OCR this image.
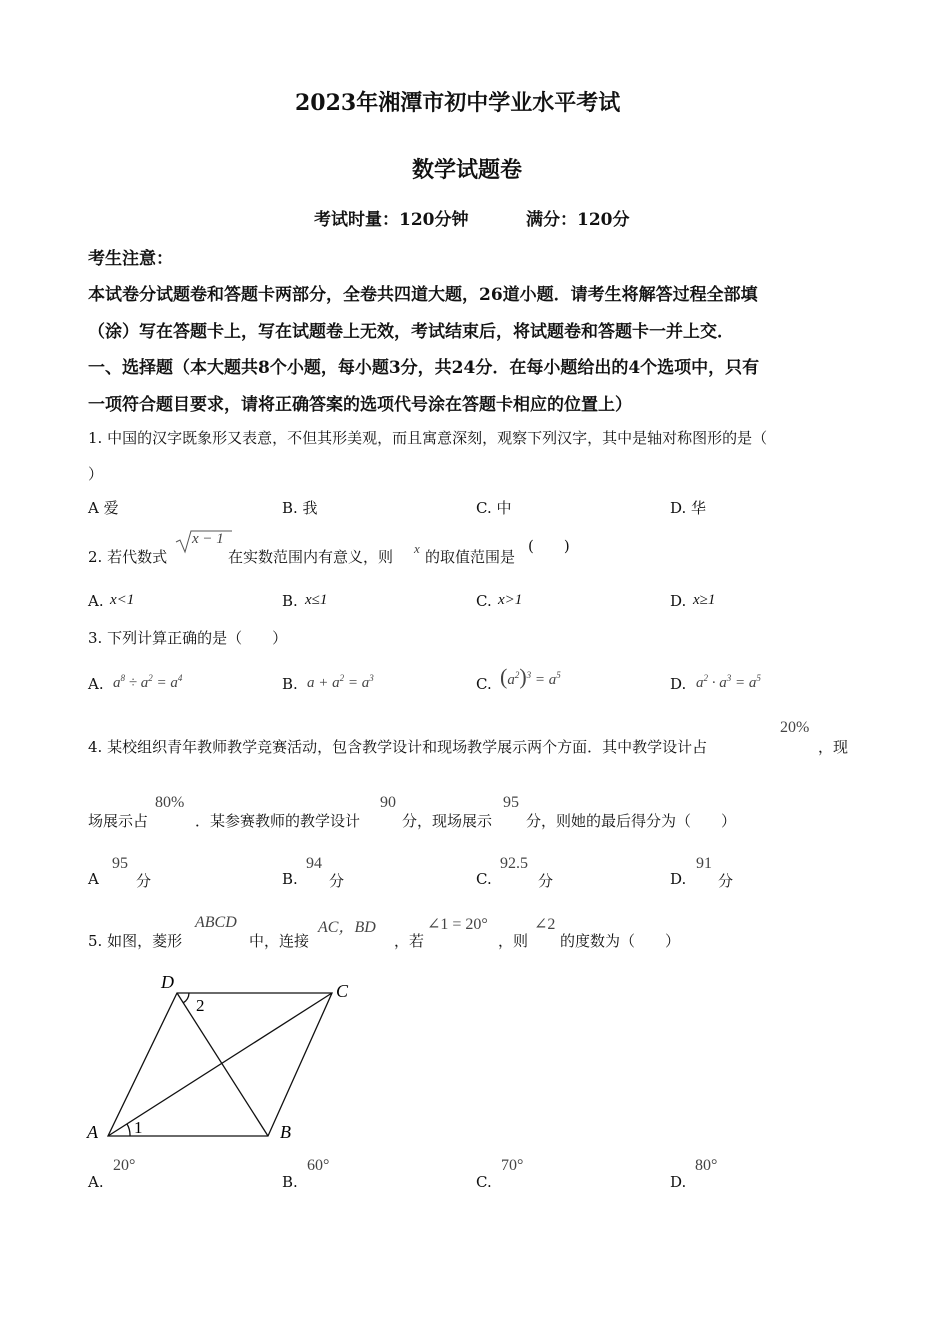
2023年湘潭市初中学业水平考试
数学试题卷
考试时量：120分钟	满分：120分
考生注意：
本试卷分试题卷和答题卡两部分，全卷共四道大题，26道小题．请考生将解答过程全部填
（涂）写在答题卡上，写在试题卷上无效，考试结束后，将试题卷和答题卡一并上交．
一、选择题（本大题共8个小题，每小题3分，共24分．在每小题给出的4个选项中，只有
一项符合题目要求，请将正确答案的选项代号涂在答题卡相应的位置上）
1. 中国的汉字既象形又表意，不但其形美观，而且寓意深刻，观察下列汉字，其中是轴对称图形的是（
）
A 爱	B. 我	C. 中	D. 华
2. 若代数式
x − 1
在实数范围内有意义，则 x 的取值范围是
(　　)
A. x<1	B. x≤1	C. x>1	D. x≥1
3. 下列计算正确的是（　　）
A. $a^8 \div a^2 = a^4$	B. $a + a^2 = a^3$	C. $(a^2)^3 = a^5$	D. $a^2 \cdot a^3 = a^5$
4. 某校组织青年教师教学竞赛活动，包含教学设计和现场教学展示两个方面．其中教学设计占
20%
，现
场展示占
80%
．某参赛教师的教学设计
90
分，现场展示
95
分，则她的最后得分为（　　）
A
95
分	B.
94
分	C.
92.5
分	D.
91
分
5. 如图，菱形
ABCD
中，连接
AC，BD
，若
∠1 = 20°
，则
∠2
的度数为（　　）
A	B
C
D
1
2
A.
20°
B.
60°
C.
70°
D.
80°
